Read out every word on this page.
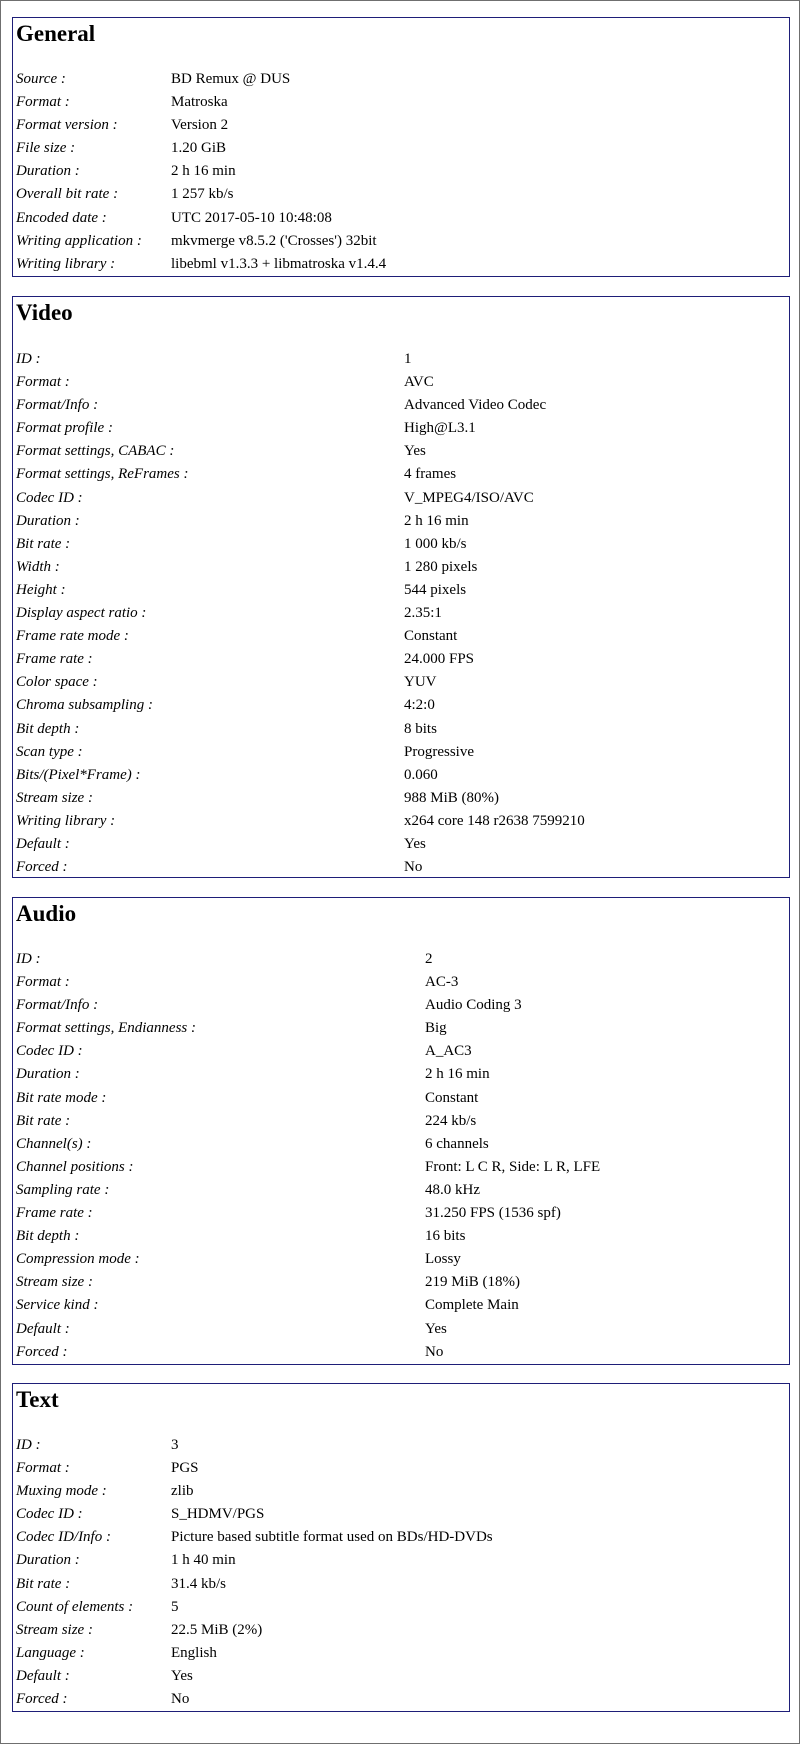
General
Source :	BD Remux @ DUS
Format :	Matroska
Format version :	Version 2
File size :	1.20 GiB
Duration :	2 h 16 min
Overall bit rate :	1 257 kb/s
Encoded date :	UTC 2017-05-10 10:48:08
Writing application : mkvmerge v8.5.2 ('Crosses') 32bit
Writing library :	libebml v1.3.3 + libmatroska v1.4.4
Video
ID :	1
Format :	AVC
Format/Info :	Advanced Video Codec
Format profile :	High@L3.1
Format settings, CABAC :	Yes
Format settings, ReFrames :	4 frames
Codec ID :	V_MPEG4/ISO/AVC
Duration :	2 h 16 min
Bit rate :	1 000 kb/s
Width :	1 280 pixels
Height :	544 pixels
Display aspect ratio :	2.35:1
Frame rate mode :	Constant
Frame rate :	24.000 FPS
Color space :	YUV
Chroma subsampling :	4:2:0
Bit depth :	8 bits
Scan type :	Progressive
Bits/(Pixel*Frame) :	0.060
Stream size :	988 MiB (80%)
Writing library :	x264 core 148 r2638 7599210
Default :	Yes
Forced :	No
Audio
ID :	2
Format :	AC-3
Format/Info :	Audio Coding 3
Format settings, Endianness :	Big
Codec ID :	A_AC3
Duration :	2 h 16 min
Bit rate mode :	Constant
Bit rate :	224 kb/s
Channel(s) :	6 channels
Channel positions :	Front: L C R, Side: L R, LFE
Sampling rate :	48.0 kHz
Frame rate :	31.250 FPS (1536 spf)
Bit depth :	16 bits
Compression mode :	Lossy
Stream size :	219 MiB (18%)
Service kind :	Complete Main
Default :	Yes
Forced :	No
Text
ID :	3
Format :	PGS
Muxing mode :	zlib
Codec ID :	S_HDMV/PGS
Codec ID/Info :	Picture based subtitle format used on BDs/HD-DVDs
Duration :	1 h 40 min
Bit rate :	31.4 kb/s
Count of elements :	5
Stream size :	22.5 MiB (2%)
Language :	English
Default :	Yes
Forced :	No
